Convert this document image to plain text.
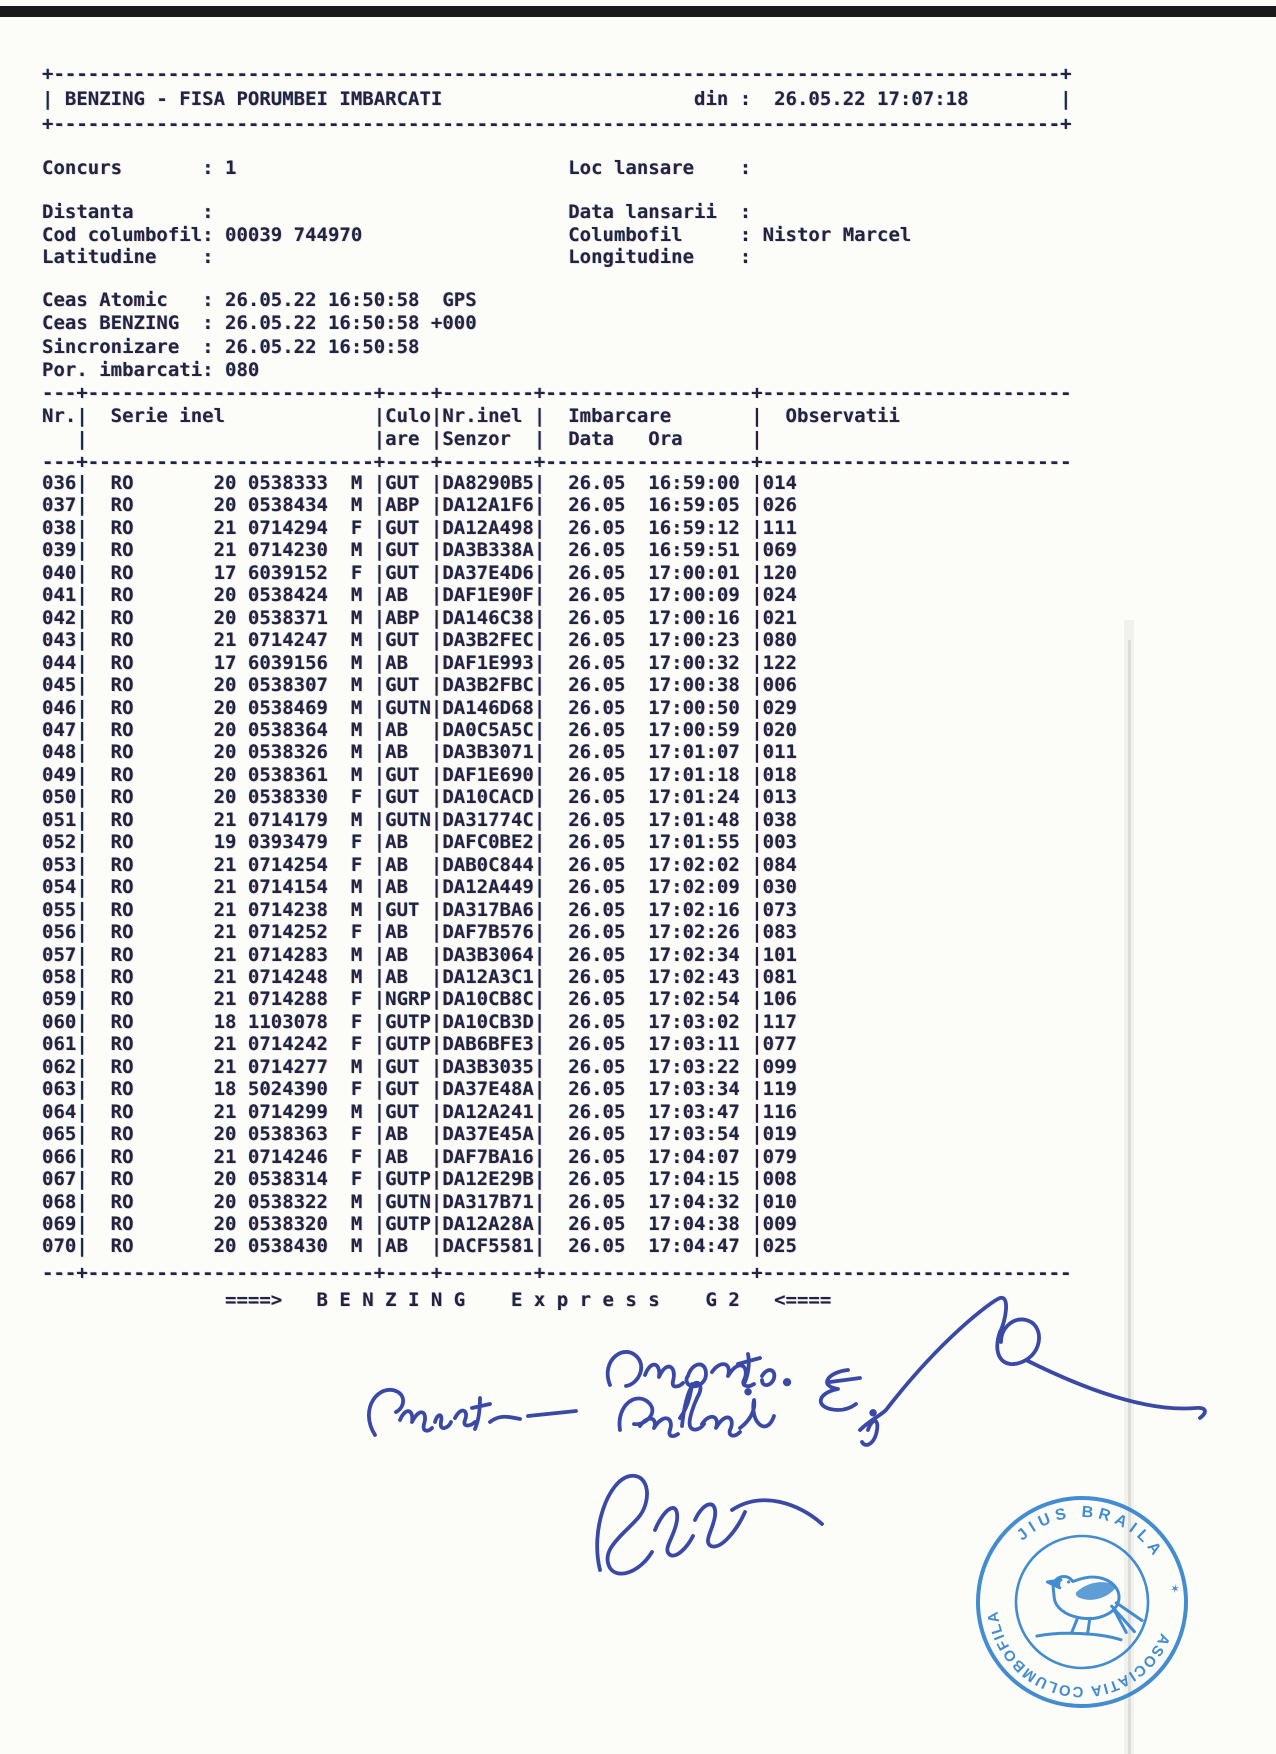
+----------------------------------------------------------------------------------------+
| BENZING - FISA PORUMBEI IMBARCATI                      din :  26.05.22 17:07:18        |
+----------------------------------------------------------------------------------------+
Concurs       : 1                             Loc lansare    :
Distanta      :                               Data lansarii  :
Cod columbofil: 00039 744970                  Columbofil     : Nistor Marcel
Latitudine    :                               Longitudine    :
Ceas Atomic   : 26.05.22 16:50:58  GPS
Ceas BENZING  : 26.05.22 16:50:58 +000
Sincronizare  : 26.05.22 16:50:58
Por. imbarcati: 080
---+-------------------------+----+--------+------------------+---------------------------
Nr.|  Serie inel             |Culo|Nr.inel |  Imbarcare       |  Observatii
|                         |are |Senzor  |  Data   Ora      |
---+-------------------------+----+--------+------------------+---------------------------
036|  RO       20 0538333  M |GUT |DA8290B5|  26.05  16:59:00 |014
037|  RO       20 0538434  M |ABP |DA12A1F6|  26.05  16:59:05 |026
038|  RO       21 0714294  F |GUT |DA12A498|  26.05  16:59:12 |111
039|  RO       21 0714230  M |GUT |DA3B338A|  26.05  16:59:51 |069
040|  RO       17 6039152  F |GUT |DA37E4D6|  26.05  17:00:01 |120
041|  RO       20 0538424  M |AB  |DAF1E90F|  26.05  17:00:09 |024
042|  RO       20 0538371  M |ABP |DA146C38|  26.05  17:00:16 |021
043|  RO       21 0714247  M |GUT |DA3B2FEC|  26.05  17:00:23 |080
044|  RO       17 6039156  M |AB  |DAF1E993|  26.05  17:00:32 |122
045|  RO       20 0538307  M |GUT |DA3B2FBC|  26.05  17:00:38 |006
046|  RO       20 0538469  M |GUTN|DA146D68|  26.05  17:00:50 |029
047|  RO       20 0538364  M |AB  |DA0C5A5C|  26.05  17:00:59 |020
048|  RO       20 0538326  M |AB  |DA3B3071|  26.05  17:01:07 |011
049|  RO       20 0538361  M |GUT |DAF1E690|  26.05  17:01:18 |018
050|  RO       20 0538330  F |GUT |DA10CACD|  26.05  17:01:24 |013
051|  RO       21 0714179  M |GUTN|DA31774C|  26.05  17:01:48 |038
052|  RO       19 0393479  F |AB  |DAFC0BE2|  26.05  17:01:55 |003
053|  RO       21 0714254  F |AB  |DAB0C844|  26.05  17:02:02 |084
054|  RO       21 0714154  M |AB  |DA12A449|  26.05  17:02:09 |030
055|  RO       21 0714238  M |GUT |DA317BA6|  26.05  17:02:16 |073
056|  RO       21 0714252  F |AB  |DAF7B576|  26.05  17:02:26 |083
057|  RO       21 0714283  M |AB  |DA3B3064|  26.05  17:02:34 |101
058|  RO       21 0714248  M |AB  |DA12A3C1|  26.05  17:02:43 |081
059|  RO       21 0714288  F |NGRP|DA10CB8C|  26.05  17:02:54 |106
060|  RO       18 1103078  F |GUTP|DA10CB3D|  26.05  17:03:02 |117
061|  RO       21 0714242  F |GUTP|DAB6BFE3|  26.05  17:03:11 |077
062|  RO       21 0714277  M |GUT |DA3B3035|  26.05  17:03:22 |099
063|  RO       18 5024390  F |GUT |DA37E48A|  26.05  17:03:34 |119
064|  RO       21 0714299  M |GUT |DA12A241|  26.05  17:03:47 |116
065|  RO       20 0538363  F |AB  |DA37E45A|  26.05  17:03:54 |019
066|  RO       21 0714246  F |AB  |DAF7BA16|  26.05  17:04:07 |079
067|  RO       20 0538314  F |GUTP|DA12E29B|  26.05  17:04:15 |008
068|  RO       20 0538322  M |GUTN|DA317B71|  26.05  17:04:32 |010
069|  RO       20 0538320  M |GUTP|DA12A28A|  26.05  17:04:38 |009
070|  RO       20 0538430  M |AB  |DACF5581|  26.05  17:04:47 |025
---+-------------------------+----+--------+------------------+---------------------------
====>   B E N Z I N G    E x p r e s s    G 2   <====
JIUS BRAILA
ASOCIATIA COLUMBOFILA
✶
